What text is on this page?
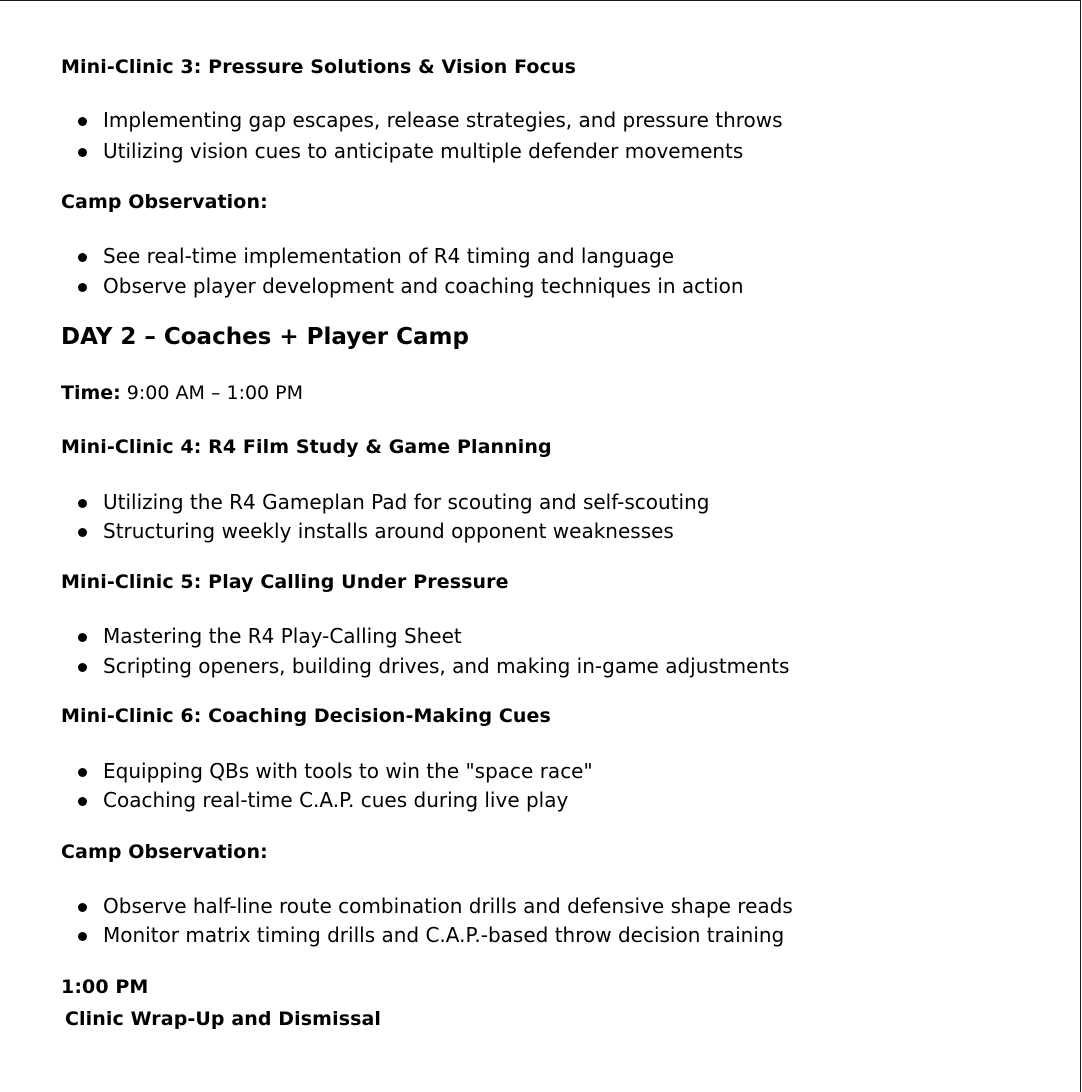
Mini-Clinic 3: Pressure Solutions & Vision Focus
Implementing gap escapes, release strategies, and pressure throws
Utilizing vision cues to anticipate multiple defender movements
Camp Observation:
See real-time implementation of R4 timing and language
Observe player development and coaching techniques in action
DAY 2 – Coaches + Player Camp
Time: 9:00 AM – 1:00 PM
Mini-Clinic 4: R4 Film Study & Game Planning
Utilizing the R4 Gameplan Pad for scouting and self-scouting
Structuring weekly installs around opponent weaknesses
Mini-Clinic 5: Play Calling Under Pressure
Mastering the R4 Play-Calling Sheet
Scripting openers, building drives, and making in-game adjustments
Mini-Clinic 6: Coaching Decision-Making Cues
Equipping QBs with tools to win the "space race"
Coaching real-time C.A.P. cues during live play
Camp Observation:
Observe half-line route combination drills and defensive shape reads
Monitor matrix timing drills and C.A.P.-based throw decision training
1:00 PM
Clinic Wrap-Up and Dismissal
